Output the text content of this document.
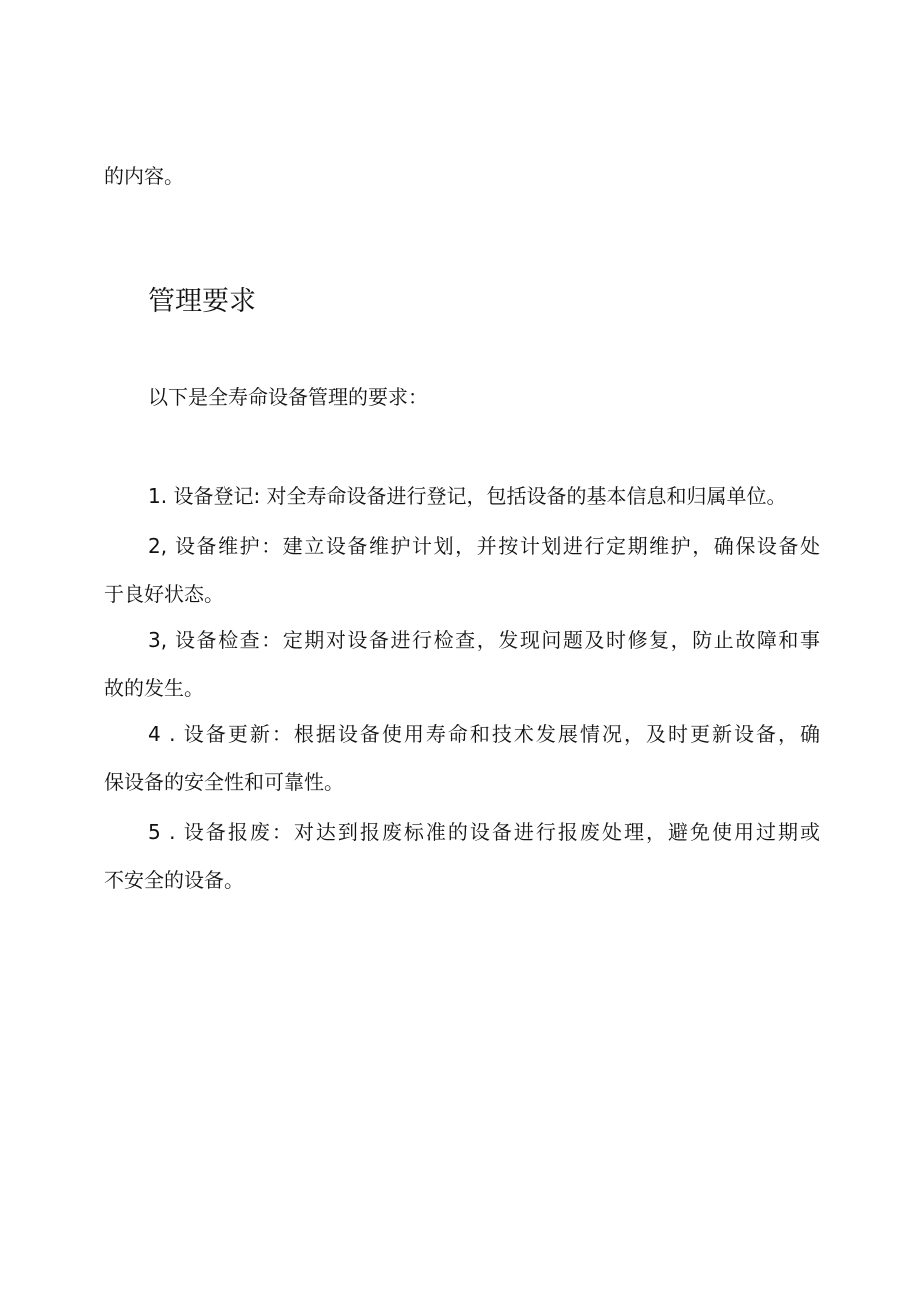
的内容。

管理要求

以下是全寿命设备管理的要求：

1. 设备登记: 对全寿命设备进行登记，包括设备的基本信息和归属单位。

2, 设备维护：建立设备维护计划，并按计划进行定期维护，确保设备处

于良好状态。

3, 设备检查：定期对设备进行检查，发现问题及时修复，防止故障和事

故的发生。

4 . 设备更新：根据设备使用寿命和技术发展情况，及时更新设备，确

保设备的安全性和可靠性。

5 . 设备报废：对达到报废标准的设备进行报废处理，避免使用过期或

不安全的设备。
